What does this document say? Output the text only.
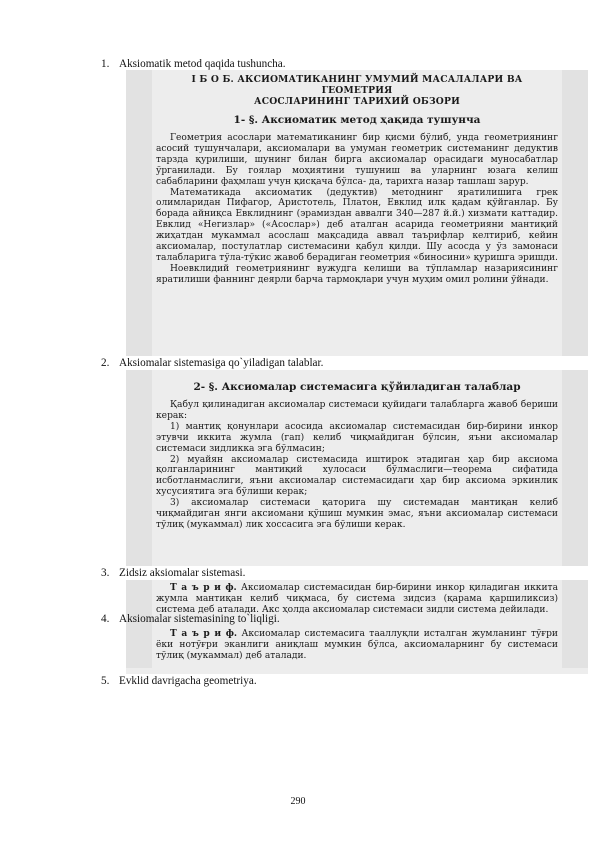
1. Aksiomatik metod qaqida tushuncha.
І Б О Б. АКСИОМАТИКАНИНГ УМУМИЙ МАСАЛАЛАРИ ВА ГЕОМЕТРИЯ
АСОСЛАРИНИНГ ТАРИХИЙ ОБЗОРИ
1- §. Аксиоматик метод ҳақида тушунча

Геометрия асослари математиканинг бир қисми бўлиб, унда геометриянинг асосий тушунчалари, аксиомалари ва умуман геометрик системанинг дедуктив тарзда қурилиши, шунинг билан бирга аксиомалар орасидаги муносабатлар ўрганилади. Бу гоялар моҳиятини тушуниш ва уларнинг юзага келиш сабабларини фаҳмлаш учун қисқача бўлса- да, тарихга назар ташлаш зарур.

Математикада аксиоматик (дедуктив) методнинг яратилишига грек олимларидан Пифагор, Аристотель, Платон, Евклид илк қадам қўйганлар. Бу борада айниқса Евклиднинг (эрамиздан аввалги 340—287 й.й.) хизмати каттадир. Евклид «Негизлар» («Асослар») деб аталган асарида геометрияни мантиқий жиҳатдан мукаммал асослаш мақсадида аввал таърифлар келтириб, кейин аксиомалар, постулатлар системасини қабул қилди. Шу асосда у ўз замонаси талабларига тўла-тўкис жавоб берадиган геометрия «биносини» қуришга эришди.

Ноевклидий геометриянинг вужудга келиши ва тўпламлар назариясининг яратилиши фаннинг деярли барча тармоқлари учун муҳим омил ролини ўйнади.

2. Aksiomalar sistemasiga qo`yiladigan talablar.
2- §. Аксиомалар системасига қўйиладиган талаблар

Қабул қилинадиган аксиомалар системаси қуйидаги талабларга жавоб бериши керак:

1) мантиқ қонунлари асосида аксиомалар системасидан бир-бирини инкор этувчи иккита жумла (гап) келиб чиқмайдиган бўлсин, яъни аксиомалар системаси зидликка эга бўлмасин;

2) муайян аксиомалар системасида иштирок этадиган ҳар бир аксиома қолганларининг мантиқий хулосаси бўлмаслиги—теорема сифатида исботланмаслиги, яъни аксиомалар системасидаги ҳар бир аксиома эркинлик хусусиятига эга бўлиши керак;

3) аксиомалар системаси қаторига шу системадан мантиқан келиб чиқмайдиган янги аксиомани қўшиш мумкин эмас, яъни аксиомалар системаси тўлиқ (мукаммал) лик хоссасига эга бўлиши керак.

3. Zidsiz aksiomalar sistemasi.

Т а ъ р и ф. Аксиомалар системасидан бир-бирини инкор қиладиган иккита жумла мантиқан келиб чиқмаса, бу система зидсиз (қарама қаршиликсиз) система деб аталади. Акс ҳолда аксиомалар системаси зидли система дейилади.

4. Aksiomalar sistemasining to`liqligi.

Т а ъ р и ф. Аксиомалар системасига тааллуқли исталган жумланинг тўғри ёки нотўғри эканлиги аниқлаш мумкин бўлса, аксиомаларнинг бу системаси тўлиқ (мукаммал) деб аталади.

5. Evklid davrigacha geometriya.
290
